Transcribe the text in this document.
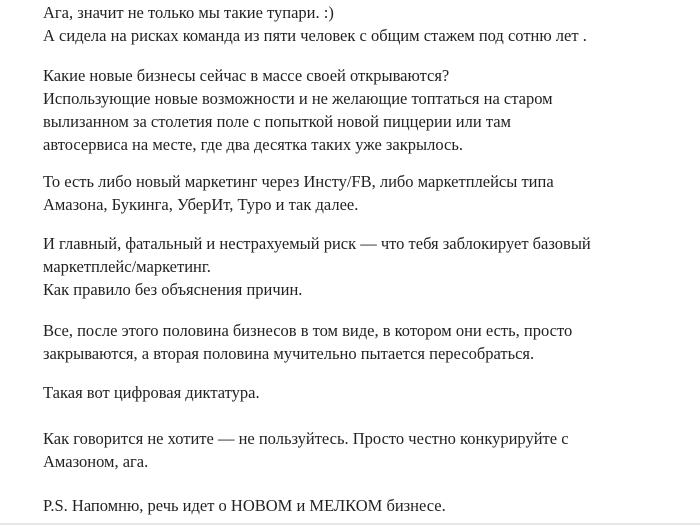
Ага, значит не только мы такие тупари. :)
А сидела на рисках команда из пяти человек с общим стажем под сотню лет .

Какие новые бизнесы сейчас в массе своей открываются?
Использующие новые возможности и не желающие топтаться на старом
вылизанном за столетия поле с попыткой новой пиццерии или там
автосервиса на месте, где два десятка таких уже закрылось.

То есть либо новый маркетинг через Инсту/FB, либо маркетплейсы типа
Амазона, Букинга, УберИт, Туро и так далее.

И главный, фатальный и нестрахуемый риск — что тебя заблокирует базовый
маркетплейс/маркетинг.
Как правило без объяснения причин.

Все, после этого половина бизнесов в том виде, в котором они есть, просто
закрываются, а вторая половина мучительно пытается пересобраться.

Такая вот цифровая диктатура.

Как говорится не хотите — не пользуйтесь. Просто честно конкурируйте с
Амазоном, ага.

P.S. Напомню, речь идет о НОВОМ и МЕЛКОМ бизнесе.
